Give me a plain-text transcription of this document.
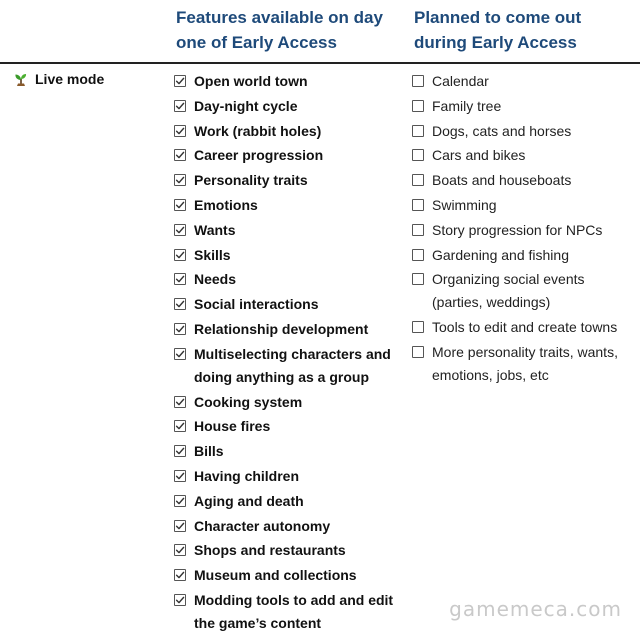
Features available on day one of Early Access
Planned to come out during Early Access
Live mode	Open world town
Day-night cycle
Work (rabbit holes)
Career progression
Personality traits
Emotions
Wants
Skills
Needs
Social interactions
Relationship development
Multiselecting characters and doing anything as a group
Cooking system
House fires
Bills
Having children
Aging and death
Character autonomy
Shops and restaurants
Museum and collections
Modding tools to add and edit the game’s content
Calendar
Family tree
Dogs, cats and horses
Cars and bikes
Boats and houseboats
Swimming
Story progression for NPCs
Gardening and fishing
Organizing social events (parties, weddings)
Tools to edit and create towns
More personality traits, wants, emotions, jobs, etc
gamemeca.com
